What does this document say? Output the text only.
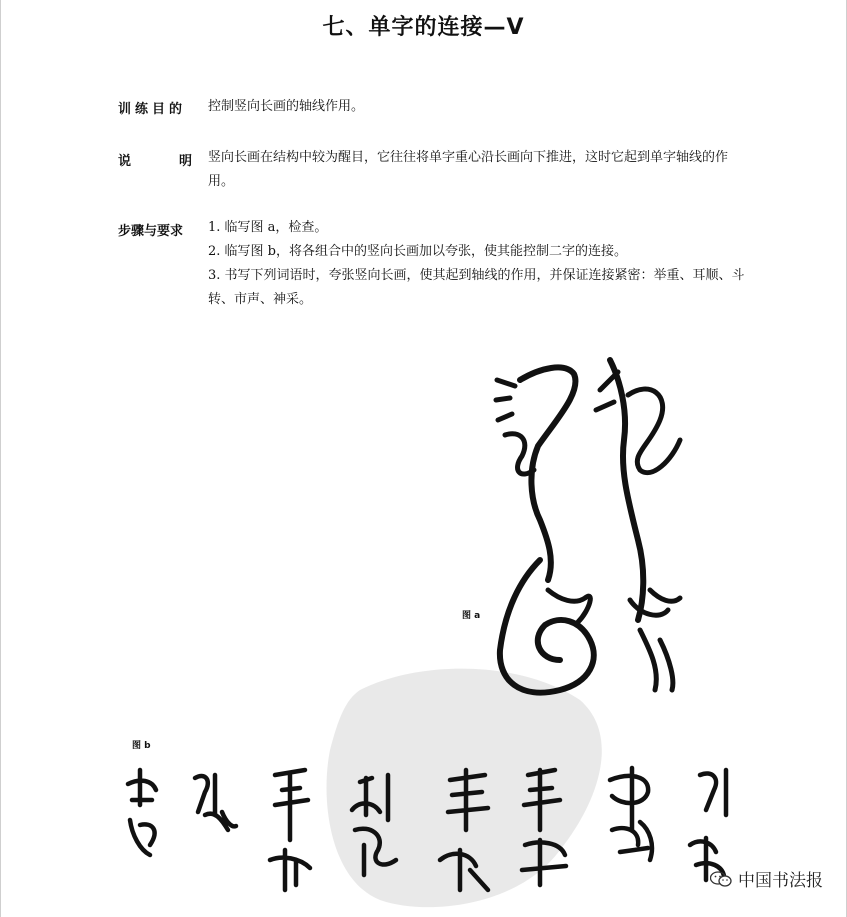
七、单字的连接—V
训练目的 控制竖向长画的轴线作用。
说	明 竖向长画在结构中较为醒目，它往往将单字重心沿长画向下推进，这时它起到单字轴线的作用。
步骤与要求 1. 临写图 a，检查。
2. 临写图 b，将各组合中的竖向长画加以夸张，使其能控制二字的连接。
3. 书写下列词语时，夸张竖向长画，使其起到轴线的作用，并保证连接紧密：举重、耳顺、斗转、市声、神采。
图 a
图 b
中国书法报
